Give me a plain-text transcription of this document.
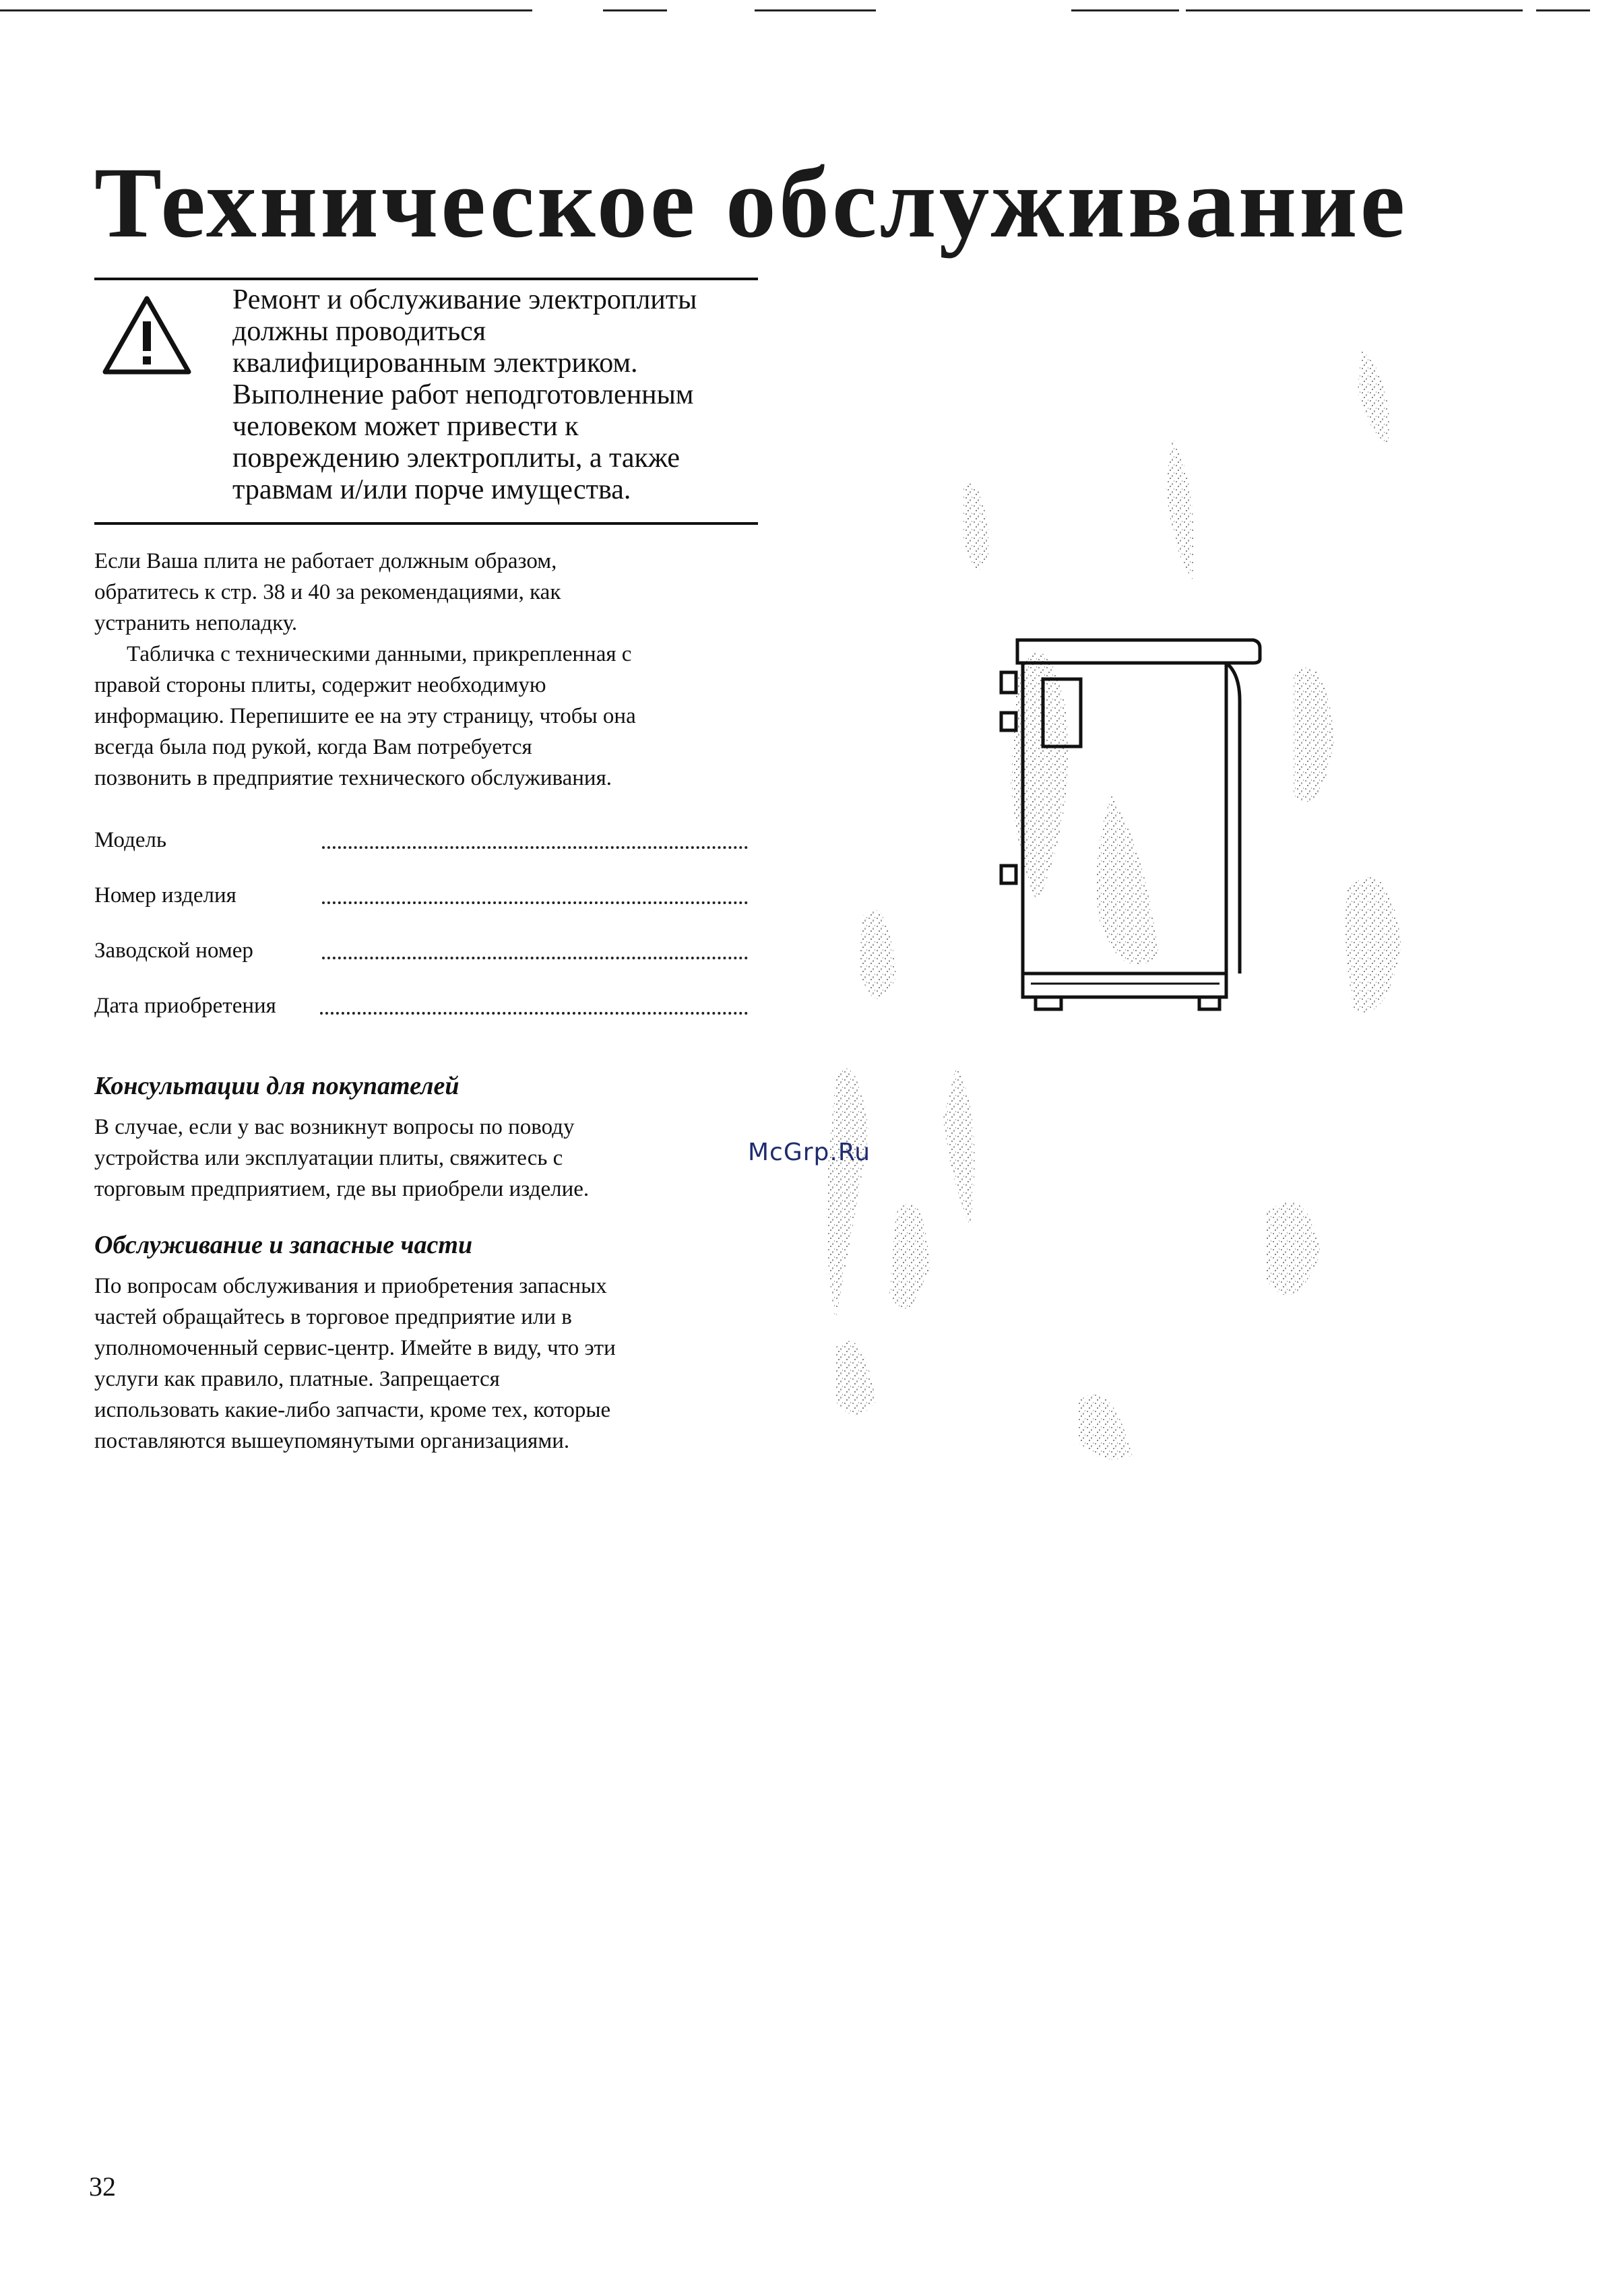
Техническое обслуживание
Ремонт и обслуживание электроплиты
должны проводиться
квалифицированным электриком.
Выполнение работ неподготовленным
человеком может привести к
повреждению электроплиты, а также
травмам и/или порче имущества.
Если Ваша плита не работает должным образом,
обратитесь к стр. 38 и 40 за рекомендациями, как
устранить неполадку.
Табличка с техническими данными, прикрепленная с
правой стороны плиты, содержит необходимую
информацию. Перепишите ее на эту страницу, чтобы она
всегда была под рукой, когда Вам потребуется
позвонить в предприятие технического обслуживания.
Модель
Номер изделия
Заводской номер
Дата приобретения
Консультации для покупателей
В случае, если у вас возникнут вопросы по поводу
устройства или эксплуатации плиты, свяжитесь с
торговым предприятием, где вы приобрели изделие.
Обслуживание и запасные части
По вопросам обслуживания и приобретения запасных
частей обращайтесь в торговое предприятие или в
уполномоченный сервис-центр. Имейте в виду, что эти
услуги как правило, платные. Запрещается
использовать какие-либо запчасти, кроме тех, которые
поставляются вышеупомянутыми организациями.
McGrp.Ru
32
